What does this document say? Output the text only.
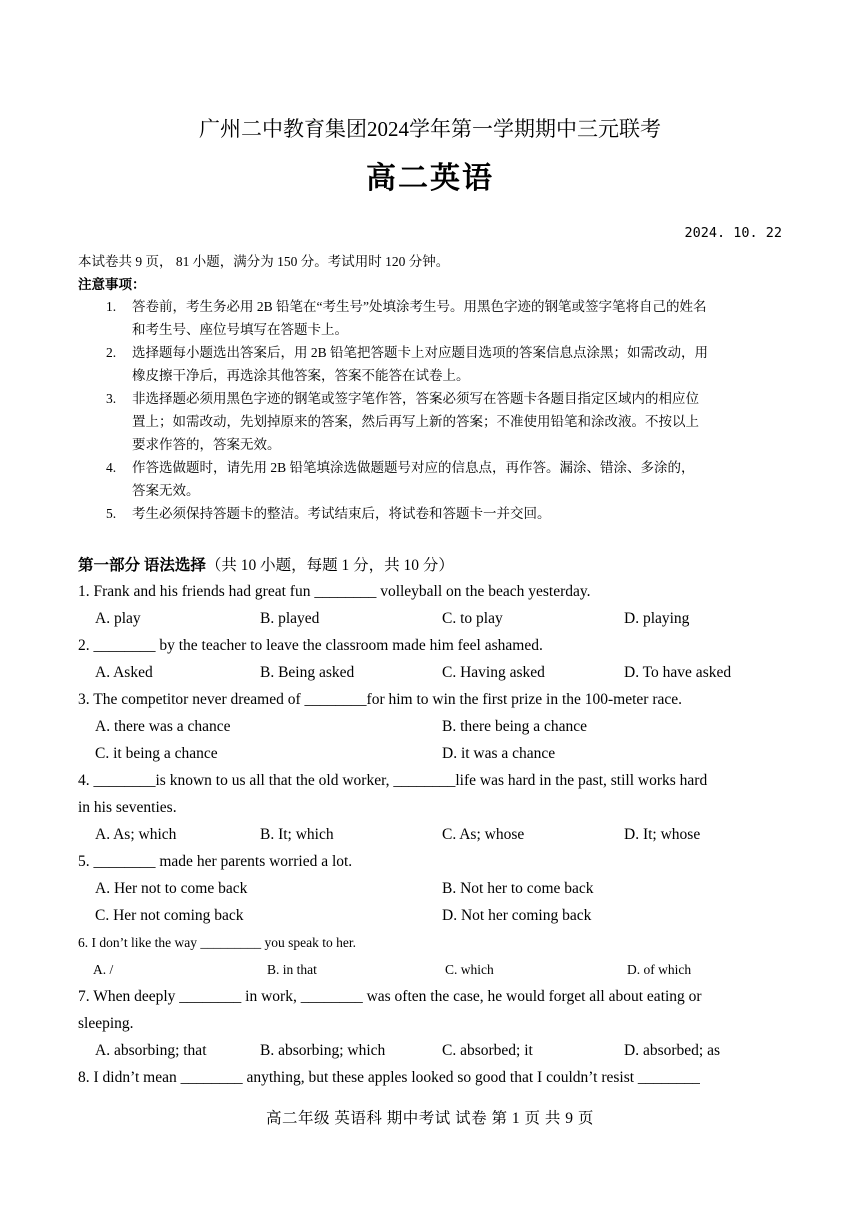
广州二中教育集团2024学年第一学期期中三元联考
高二英语
2024. 10. 22
本试卷共 9 页， 81 小题，满分为 150 分。考试用时 120 分钟。
注意事项：
1. 答卷前，考生务必用 2B 铅笔在“考生号”处填涂考生号。用黑色字迹的钢笔或签字笔将自己的姓名
和考生号、座位号填写在答题卡上。
2. 选择题每小题选出答案后，用 2B 铅笔把答题卡上对应题目选项的答案信息点涂黑；如需改动，用
橡皮擦干净后，再选涂其他答案，答案不能答在试卷上。
3. 非选择题必须用黑色字迹的钢笔或签字笔作答，答案必须写在答题卡各题目指定区域内的相应位
置上；如需改动，先划掉原来的答案，然后再写上新的答案；不准使用铅笔和涂改液。不按以上
要求作答的，答案无效。
4. 作答选做题时，请先用 2B 铅笔填涂选做题题号对应的信息点，再作答。漏涂、错涂、多涂的，
答案无效。
5. 考生必须保持答题卡的整洁。考试结束后，将试卷和答题卡一并交回。
第一部分 语法选择（共 10 小题，每题 1 分，共 10 分）
1. Frank and his friends had great fun ________ volleyball on the beach yesterday.
A. play	B. played	C. to play	D. playing
2. ________ by the teacher to leave the classroom made him feel ashamed.
A. Asked	B. Being asked	C. Having asked	D. To have asked
3. The competitor never dreamed of ________for him to win the first prize in the 100-meter race.
A. there was a chance	B. there being a chance
C. it being a chance	D. it was a chance
4. ________is known to us all that the old worker, ________life was hard in the past, still works hard
in his seventies.
A. As; which	B. It; which	C. As; whose	D. It; whose
5. ________ made her parents worried a lot.
A. Her not to come back	B. Not her to come back
C. Her not coming back	D. Not her coming back
6. I don’t like the way _________ you speak to her.
A. /	B. in that	C. which	D. of which
7. When deeply ________ in work, ________ was often the case, he would forget all about eating or
sleeping.
A. absorbing; that	B. absorbing; which	C. absorbed; it	D. absorbed; as
8. I didn’t mean ________ anything, but these apples looked so good that I couldn’t resist ________
高二年级 英语科 期中考试 试卷 第 1 页 共 9 页
